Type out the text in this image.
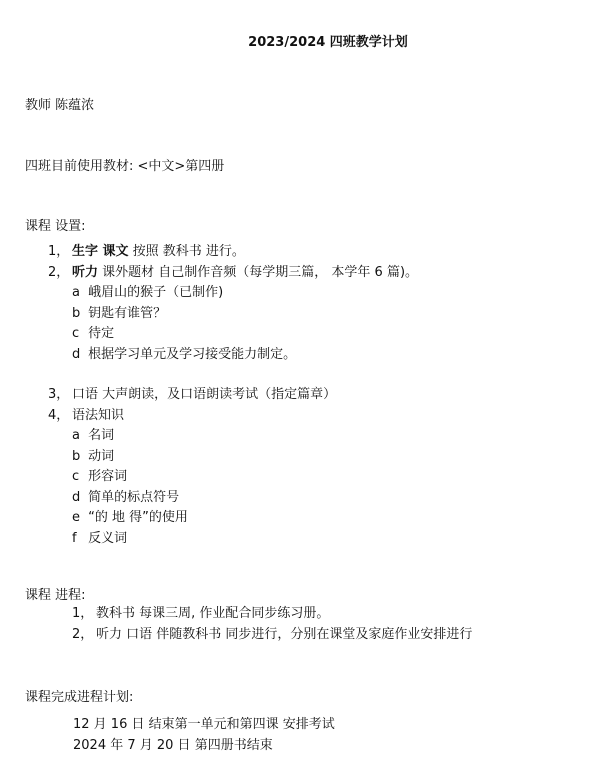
2023/2024 四班教学计划
教师 陈蕴浓
四班目前使用教材: <中文>第四册
课程 设置:
1， 生字 课文 按照 教科书 进行。
2， 听力 课外题材 自己制作音频（每学期三篇， 本学年 6 篇)。
a 峨眉山的猴子（已制作)
b 钥匙有谁管？
c 待定
d 根据学习单元及学习接受能力制定。
3， 口语 大声朗读，及口语朗读考试（指定篇章）
4， 语法知识
a 名词
b 动词
c 形容词
d 简单的标点符号
e “的 地 得”的使用
f 反义词
课程 进程:
1， 教科书 每课三周, 作业配合同步练习册。
2， 听力 口语 伴随教科书 同步进行，分别在课堂及家庭作业安排进行
课程完成进程计划:
12 月 16 日 结束第一单元和第四课 安排考试
2024 年 7 月 20 日 第四册书结束
